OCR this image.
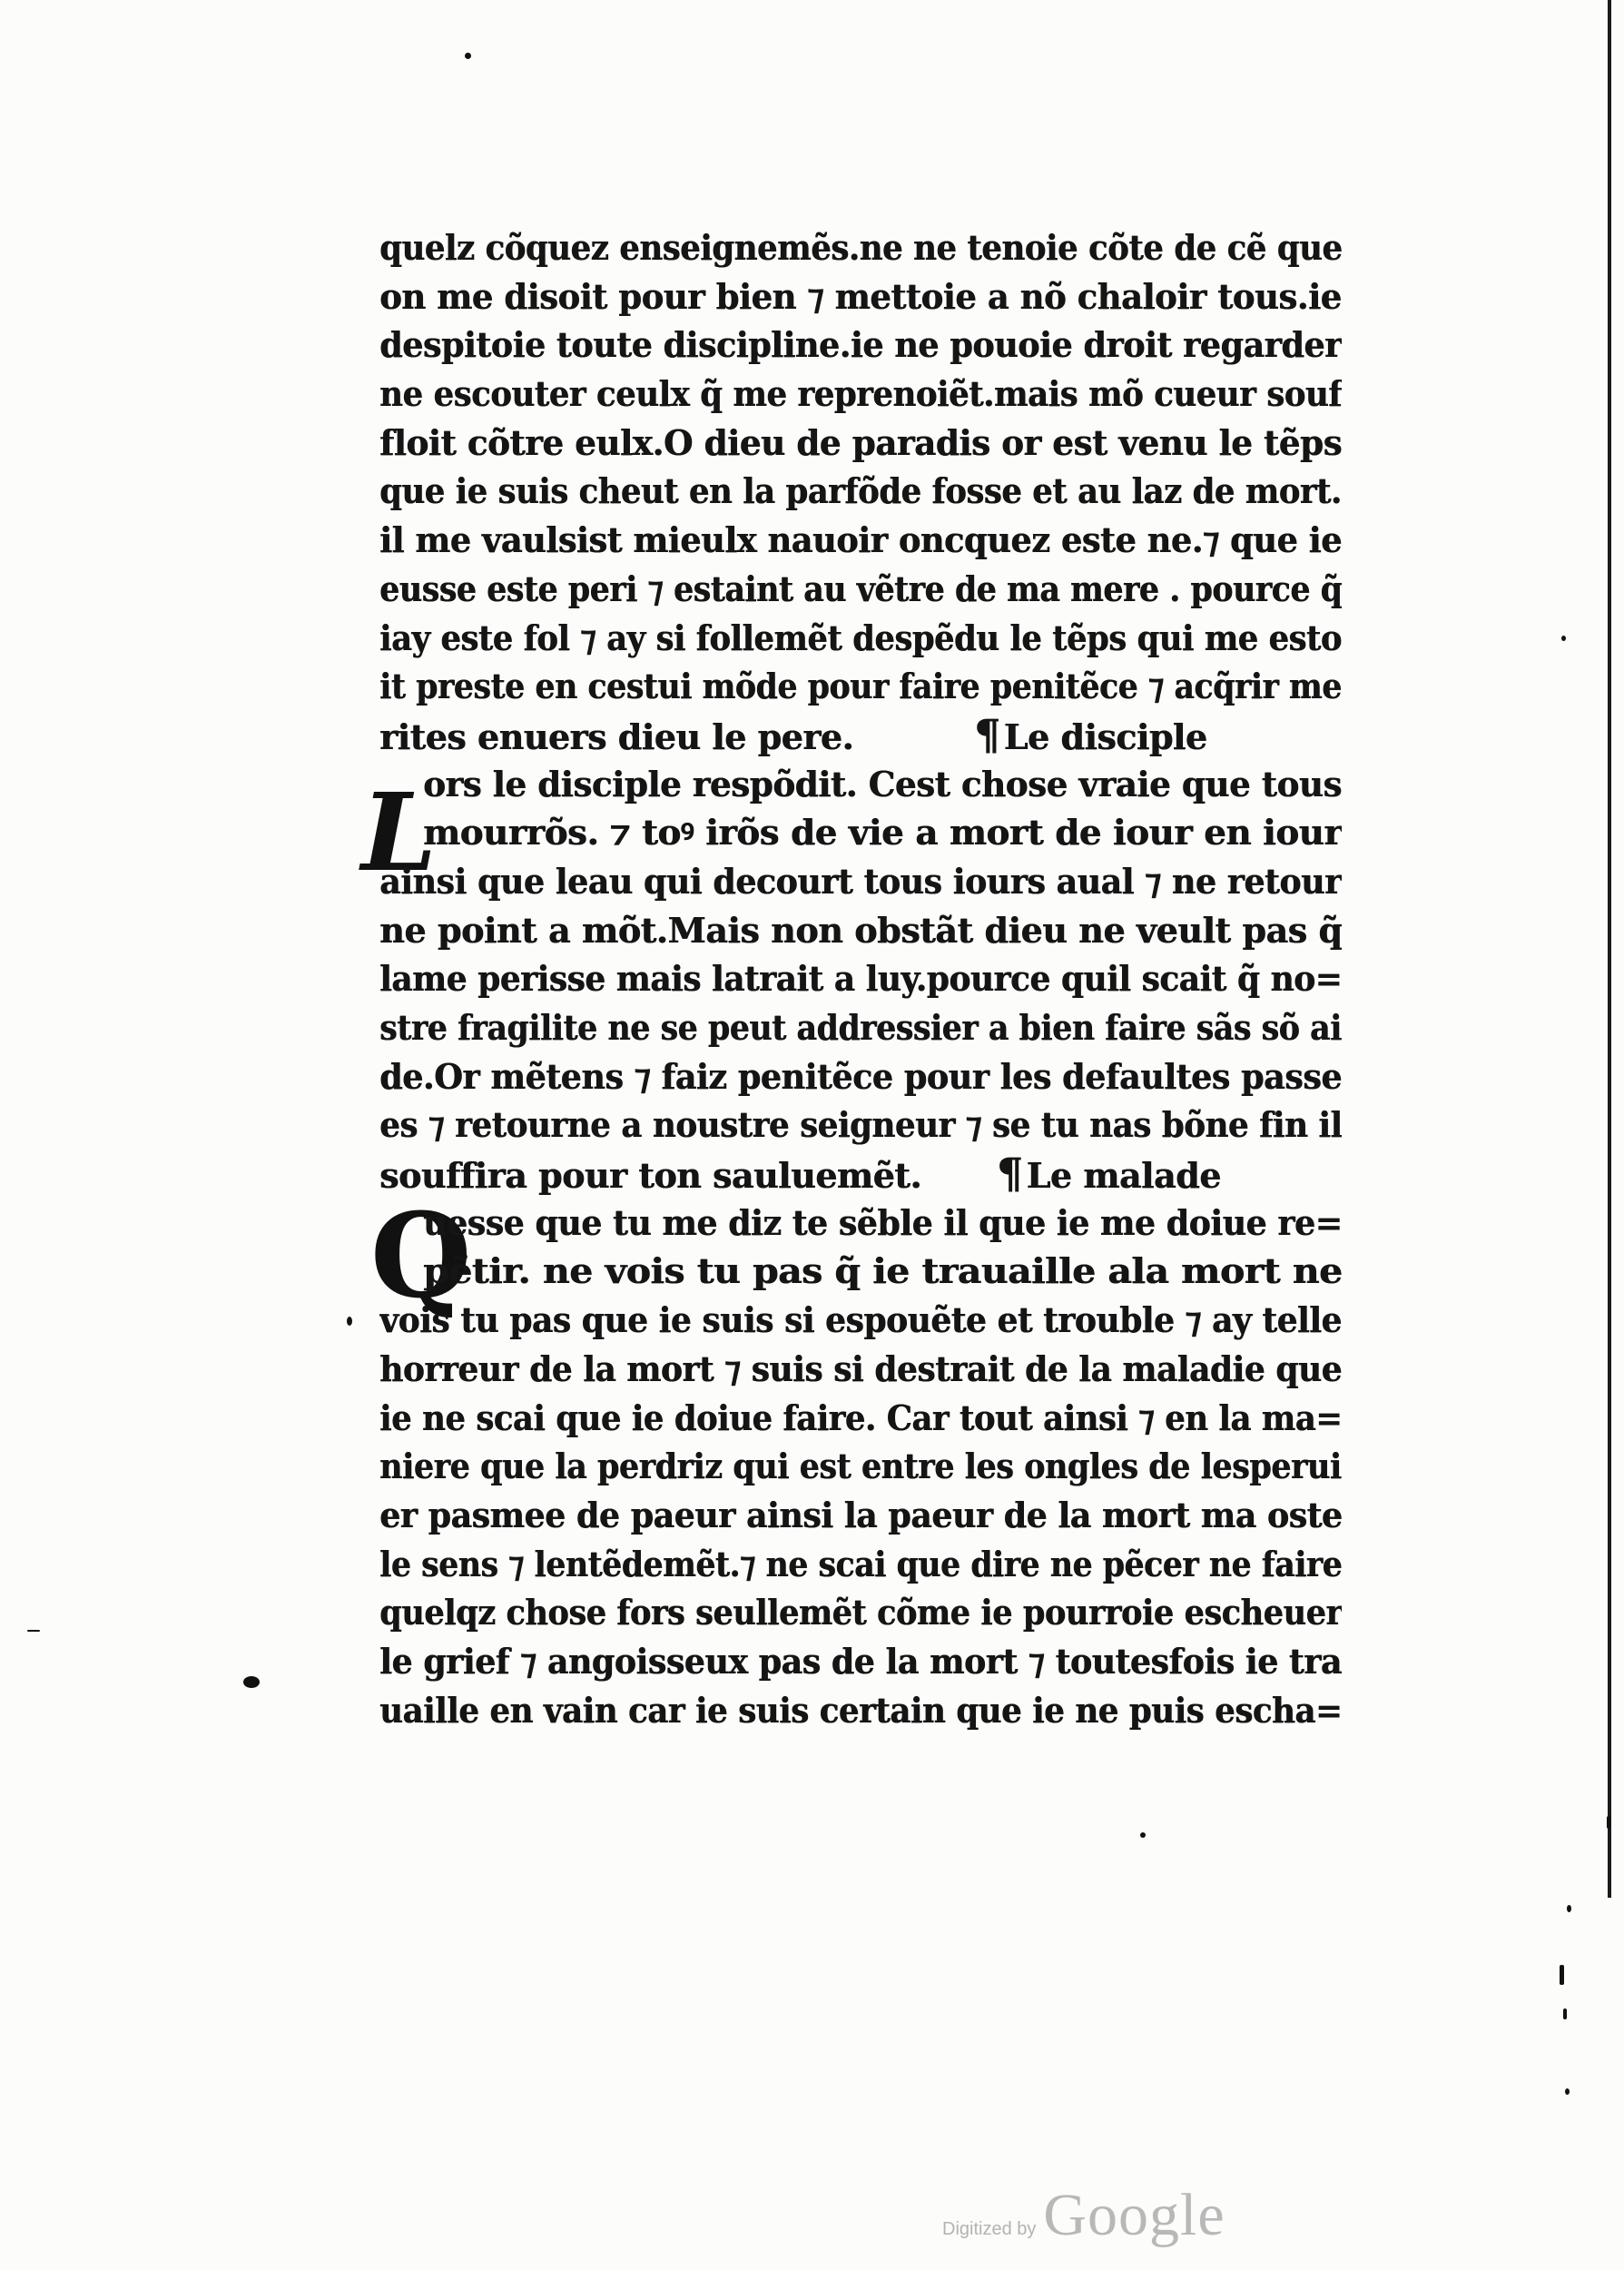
L
Q
quelz cõquez enseignemẽs.ne ne tenoie cõte de cẽ que
on me disoit pour bien ⁊ mettoie a nõ chaloir tous.ie
despitoie toute discipline.ie ne pouoie droit regarder
ne escouter ceulx q̃ me reprenoiẽt.mais mõ cueur souf
floit cõtre eulx.O dieu de paradis or est venu le tẽps
que ie suis cheut en la parfõde fosse et au laz de mort.
il me vaulsist mieulx nauoir oncquez este ne.⁊ que ie
eusse este peri ⁊ estaint au vẽtre de ma mere . pource q̃
iay este fol ⁊ ay si follemẽt despẽdu le tẽps qui me esto
it preste en cestui mõde pour faire penitẽce ⁊ acq̃rir me
rites enuers dieu le pere.	¶ Le disciple
ors le disciple respõdit. Cest chose vraie que tous
mourrõs. ⁊ toꝰ irõs de vie a mort de iour en iour
ainsi que leau qui decourt tous iours aual ⁊ ne retour
ne point a mõt.Mais non obstãt dieu ne veult pas q̃
lame perisse mais latrait a luy.pource quil scait q̃ no=
stre fragilite ne se peut addressier a bien faire sãs sõ ai
de.Or mẽtens ⁊ faiz penitẽce pour les defaultes passe
es ⁊ retourne a noustre seigneur ⁊ se tu nas bõne fin il
souffira pour ton sauluemẽt. ¶ Le malade
uesse que tu me diz te sẽble il que ie me doiue re=
pẽtir. ne vois tu pas q̃ ie trauaille ala mort ne
vois tu pas que ie suis si espouẽte et trouble ⁊ ay telle
horreur de la mort ⁊ suis si destrait de la maladie que
ie ne scai que ie doiue faire. Car tout ainsi ⁊ en la ma=
niere que la perdriz qui est entre les ongles de lesperui
er pasmee de paeur ainsi la paeur de la mort ma oste
le sens ⁊ lentẽdemẽt.⁊ ne scai que dire ne pẽcer ne faire
quelqz chose fors seullemẽt cõme ie pourroie escheuer
le grief ⁊ angoisseux pas de la mort ⁊ toutesfois ie tra
uaille en vain car ie suis certain que ie ne puis escha=
Digitized by Google
